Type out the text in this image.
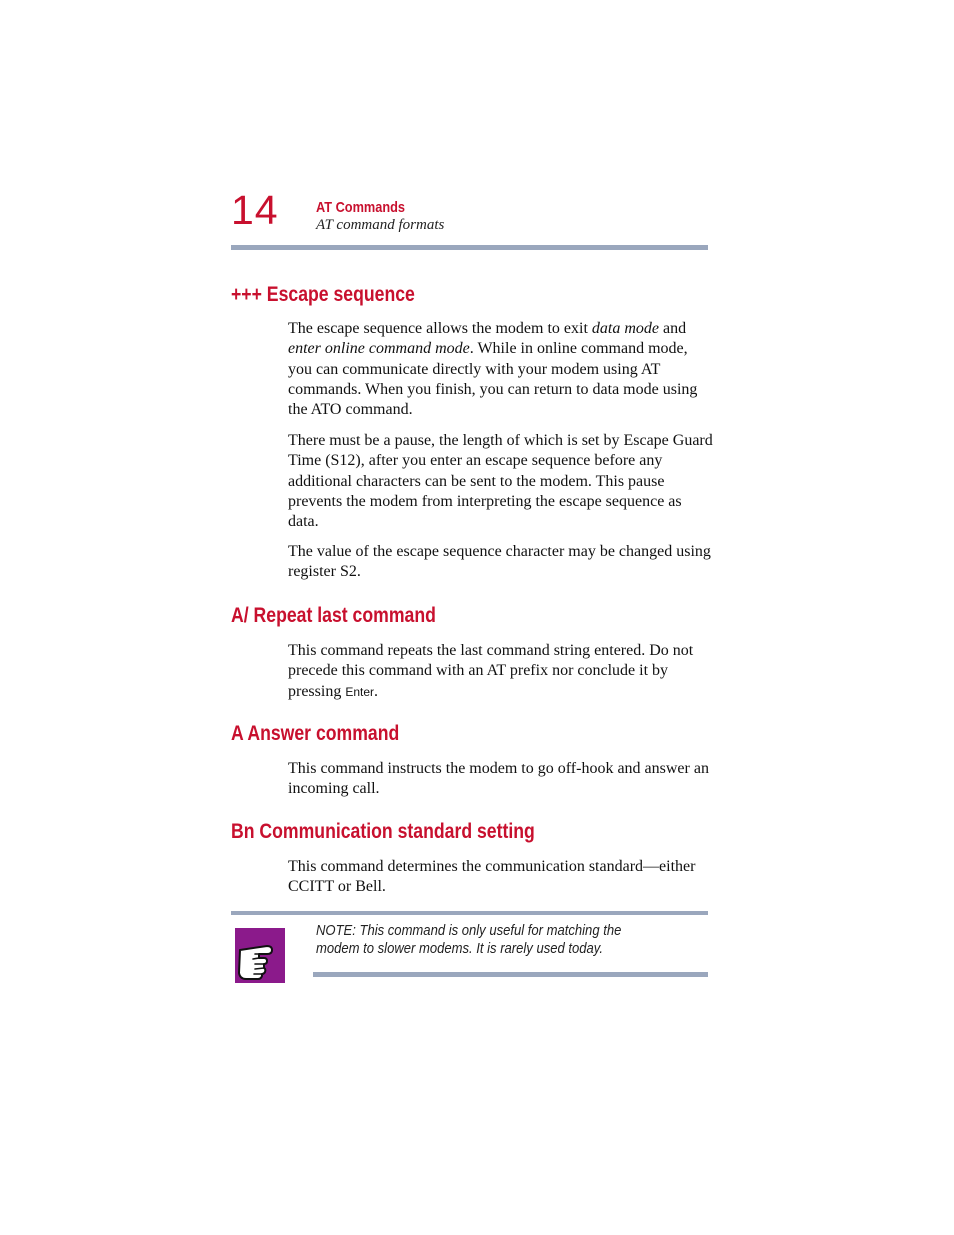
14 AT Commands
AT command formats
+++ Escape sequence

The escape sequence allows the modem to exit data mode and enter online command mode. While in online command mode, you can communicate directly with your modem using AT commands. When you finish, you can return to data mode using the ATO command.

There must be a pause, the length of which is set by Escape Guard Time (S12), after you enter an escape sequence before any additional characters can be sent to the modem. This pause prevents the modem from interpreting the escape sequence as data.

The value of the escape sequence character may be changed using register S2.

A/ Repeat last command

This command repeats the last command string entered. Do not precede this command with an AT prefix nor conclude it by pressing Enter.

A Answer command

This command instructs the modem to go off-hook and answer an incoming call.

Bn Communication standard setting

This command determines the communication standard—either CCITT or Bell.

NOTE: This command is only useful for matching the
modem to slower modems. It is rarely used today.
